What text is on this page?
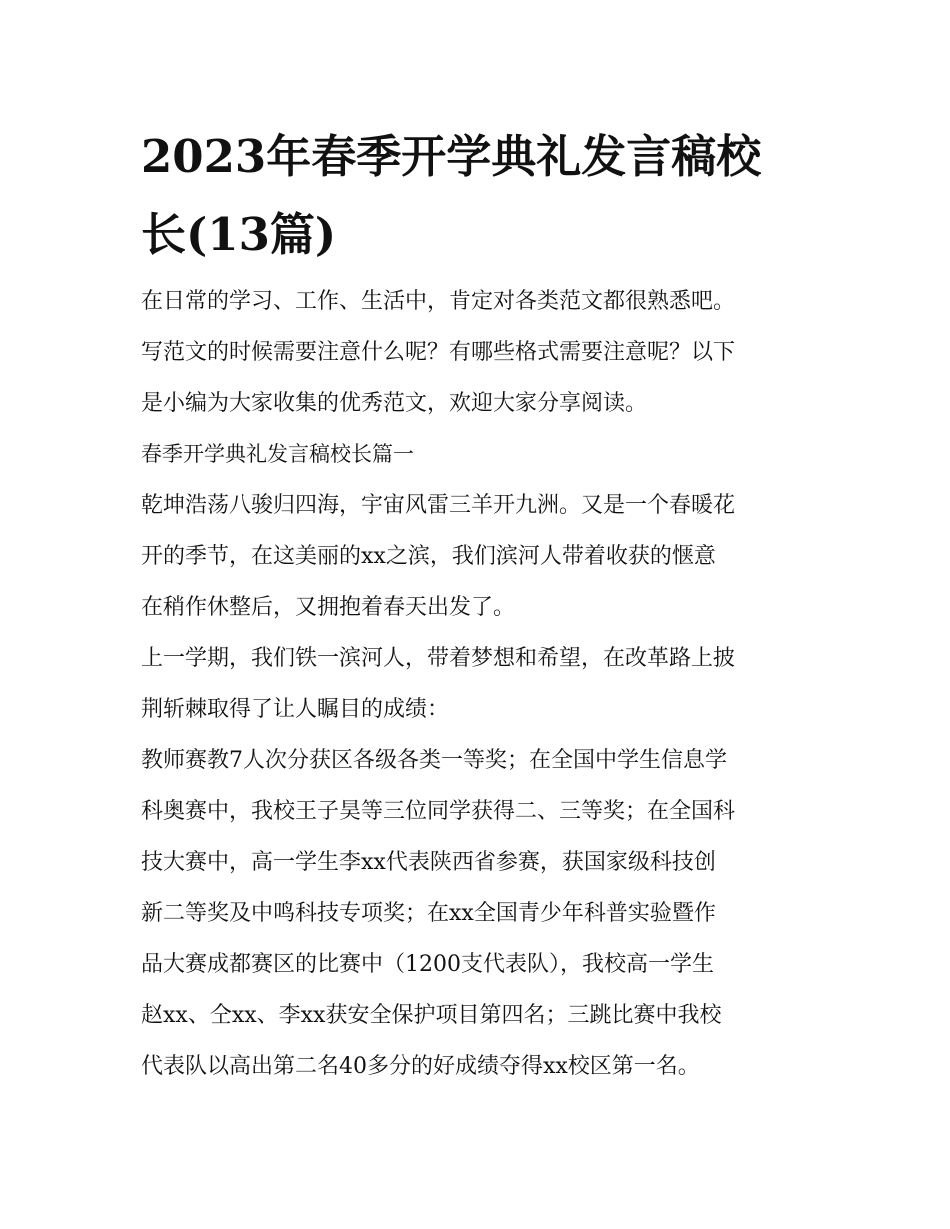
2023年春季开学典礼发言稿校
长(13篇)
在日常的学习、工作、生活中，肯定对各类范文都很熟悉吧。
写范文的时候需要注意什么呢？有哪些格式需要注意呢？以下
是小编为大家收集的优秀范文，欢迎大家分享阅读。
春季开学典礼发言稿校长篇一
乾坤浩荡八骏归四海，宇宙风雷三羊开九洲。又是一个春暖花
开的季节，在这美丽的xx之滨，我们滨河人带着收获的惬意
在稍作休整后，又拥抱着春天出发了。
上一学期，我们铁一滨河人，带着梦想和希望，在改革路上披
荆斩棘取得了让人瞩目的成绩：
教师赛教7人次分获区各级各类一等奖；在全国中学生信息学
科奥赛中，我校王子昊等三位同学获得二、三等奖；在全国科
技大赛中，高一学生李xx代表陕西省参赛，获国家级科技创
新二等奖及中鸣科技专项奖；在xx全国青少年科普实验暨作
品大赛成都赛区的比赛中（1200支代表队），我校高一学生
赵xx、仝xx、李xx获安全保护项目第四名；三跳比赛中我校
代表队以高出第二名40多分的好成绩夺得xx校区第一名。
